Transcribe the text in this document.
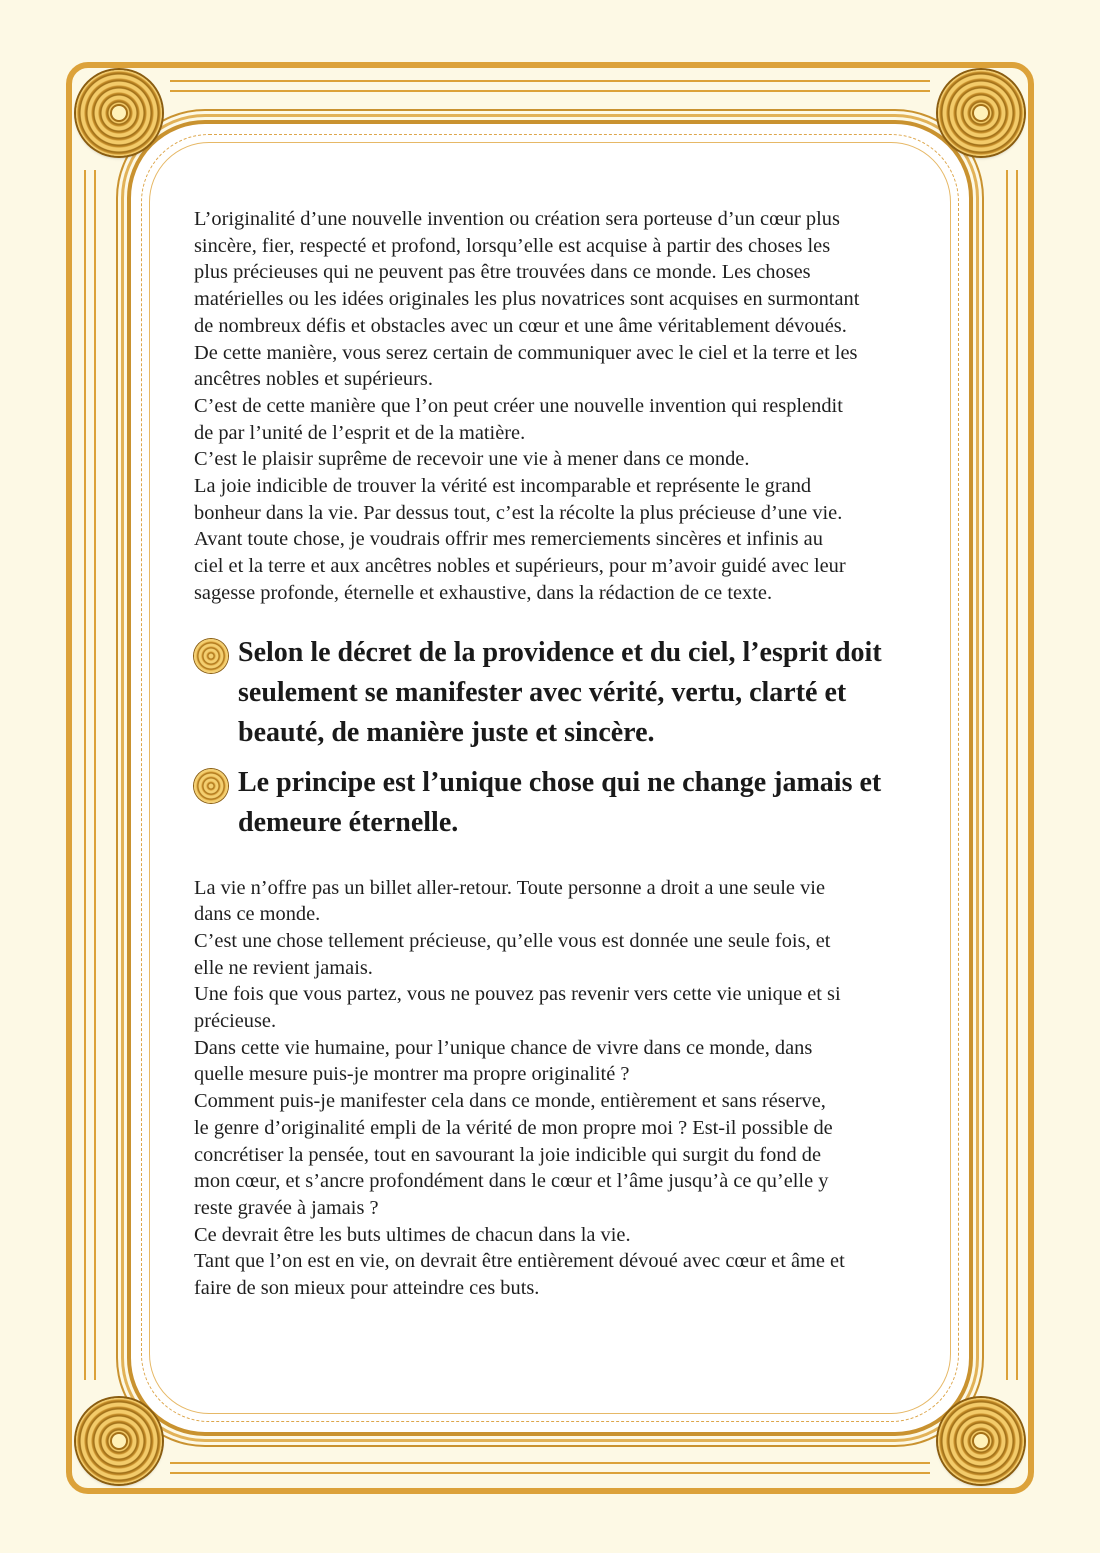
L’originalité d’une nouvelle invention ou création sera porteuse d’un cœur plus
sincère, fier, respecté et profond, lorsqu’elle est acquise à partir des choses les
plus précieuses qui ne peuvent pas être trouvées dans ce monde. Les choses
matérielles ou les idées originales les plus novatrices sont acquises en surmontant
de nombreux défis et obstacles avec un cœur et une âme véritablement dévoués.
De cette manière, vous serez certain de communiquer avec le ciel et la terre et les
ancêtres nobles et supérieurs.
C’est de cette manière que l’on peut créer une nouvelle invention qui resplendit
de par l’unité de l’esprit et de la matière.
C’est le plaisir suprême de recevoir une vie à mener dans ce monde.
La joie indicible de trouver la vérité est incomparable et représente le grand
bonheur dans la vie. Par dessus tout, c’est la récolte la plus précieuse d’une vie.
Avant toute chose, je voudrais offrir mes remerciements sincères et infinis au
ciel et la terre et aux ancêtres nobles et supérieurs, pour m’avoir guidé avec leur
sagesse profonde, éternelle et exhaustive, dans la rédaction de ce texte.
Selon le décret de la providence et du ciel, l’esprit doit
seulement se manifester avec vérité, vertu, clarté et
beauté, de manière juste et sincère.
Le principe est l’unique chose qui ne change jamais et
demeure éternelle.
La vie n’offre pas un billet aller-retour. Toute personne a droit a une seule vie
dans ce monde.
C’est une chose tellement précieuse, qu’elle vous est donnée une seule fois, et
elle ne revient jamais.
Une fois que vous partez, vous ne pouvez pas revenir vers cette vie unique et si
précieuse.
Dans cette vie humaine, pour l’unique chance de vivre dans ce monde, dans
quelle mesure puis-je montrer ma propre originalité ?
Comment puis-je manifester cela dans ce monde, entièrement et sans réserve,
le genre d’originalité empli de la vérité de mon propre moi ? Est-il possible de
concrétiser la pensée, tout en savourant la joie indicible qui surgit du fond de
mon cœur, et s’ancre profondément dans le cœur et l’âme jusqu’à ce qu’elle y
reste gravée à jamais ?
Ce devrait être les buts ultimes de chacun dans la vie.
Tant que l’on est en vie, on devrait être entièrement dévoué avec cœur et âme et
faire de son mieux pour atteindre ces buts.
